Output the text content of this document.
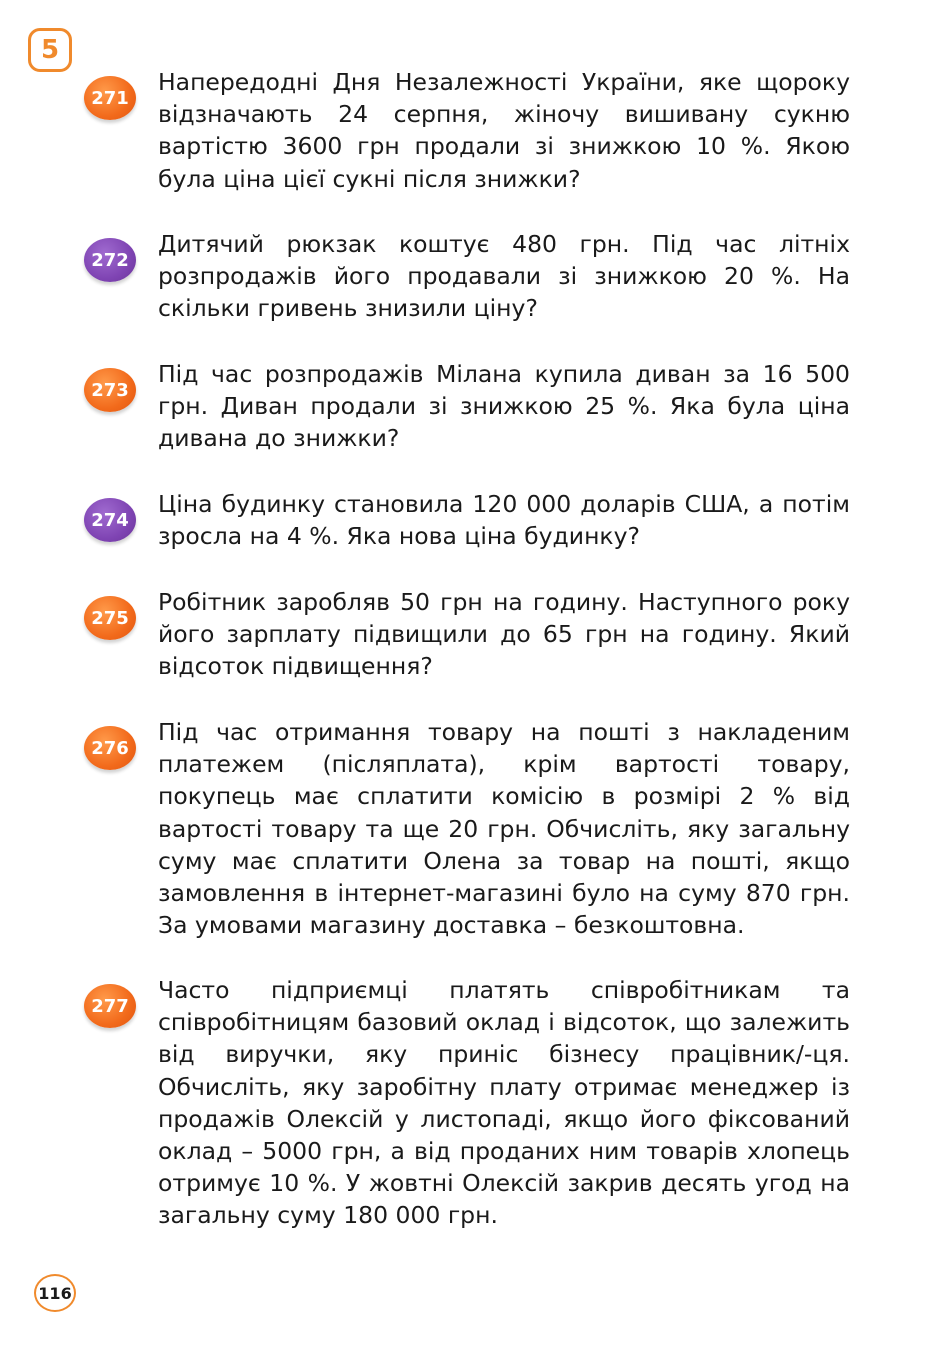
5
271

Напередодні Дня Незалежності України, яке щороку відзначають 24 серпня, жіночу вишивану сукню вартістю 3600 грн продали зі знижкою 10 %. Якою була ціна цієї сукні після знижки?

272

Дитячий рюкзак коштує 480 грн. Під час літніх розпродажів його продавали зі знижкою 20 %. На скільки гривень знизили ціну?

273

Під час розпродажів Мілана купила диван за 16 500 грн. Диван продали зі знижкою 25 %. Яка була ціна дивана до знижки?

274

Ціна будинку становила 120 000 доларів США, а потім зросла на 4 %. Яка нова ціна будинку?

275

Робітник заробляв 50 грн на годину. Наступного року його зарплату підвищили до 65 грн на годину. Який відсоток підвищення?

276

Під час отримання товару на пошті з накладеним платежем (післяплата), крім вартості товару, покупець має сплатити комісію в розмірі 2 % від вартості товару та ще 20 грн. Обчисліть, яку загальну суму має сплатити Олена за товар на пошті, якщо замовлення в інтернет-магазині було на суму 870 грн. За умовами магазину доставка – безкоштовна.

277

Часто підприємці платять співробітникам та співробітницям базовий оклад і відсоток, що залежить від виручки, яку приніс бізнесу працівник/-ця. Обчисліть, яку заробітну плату отримає менеджер із продажів Олексій у листопаді, якщо його фіксований оклад – 5000 грн, а від проданих ним товарів хлопець отримує 10 %. У жовтні Олексій закрив десять угод на загальну суму 180 000 грн.

116
